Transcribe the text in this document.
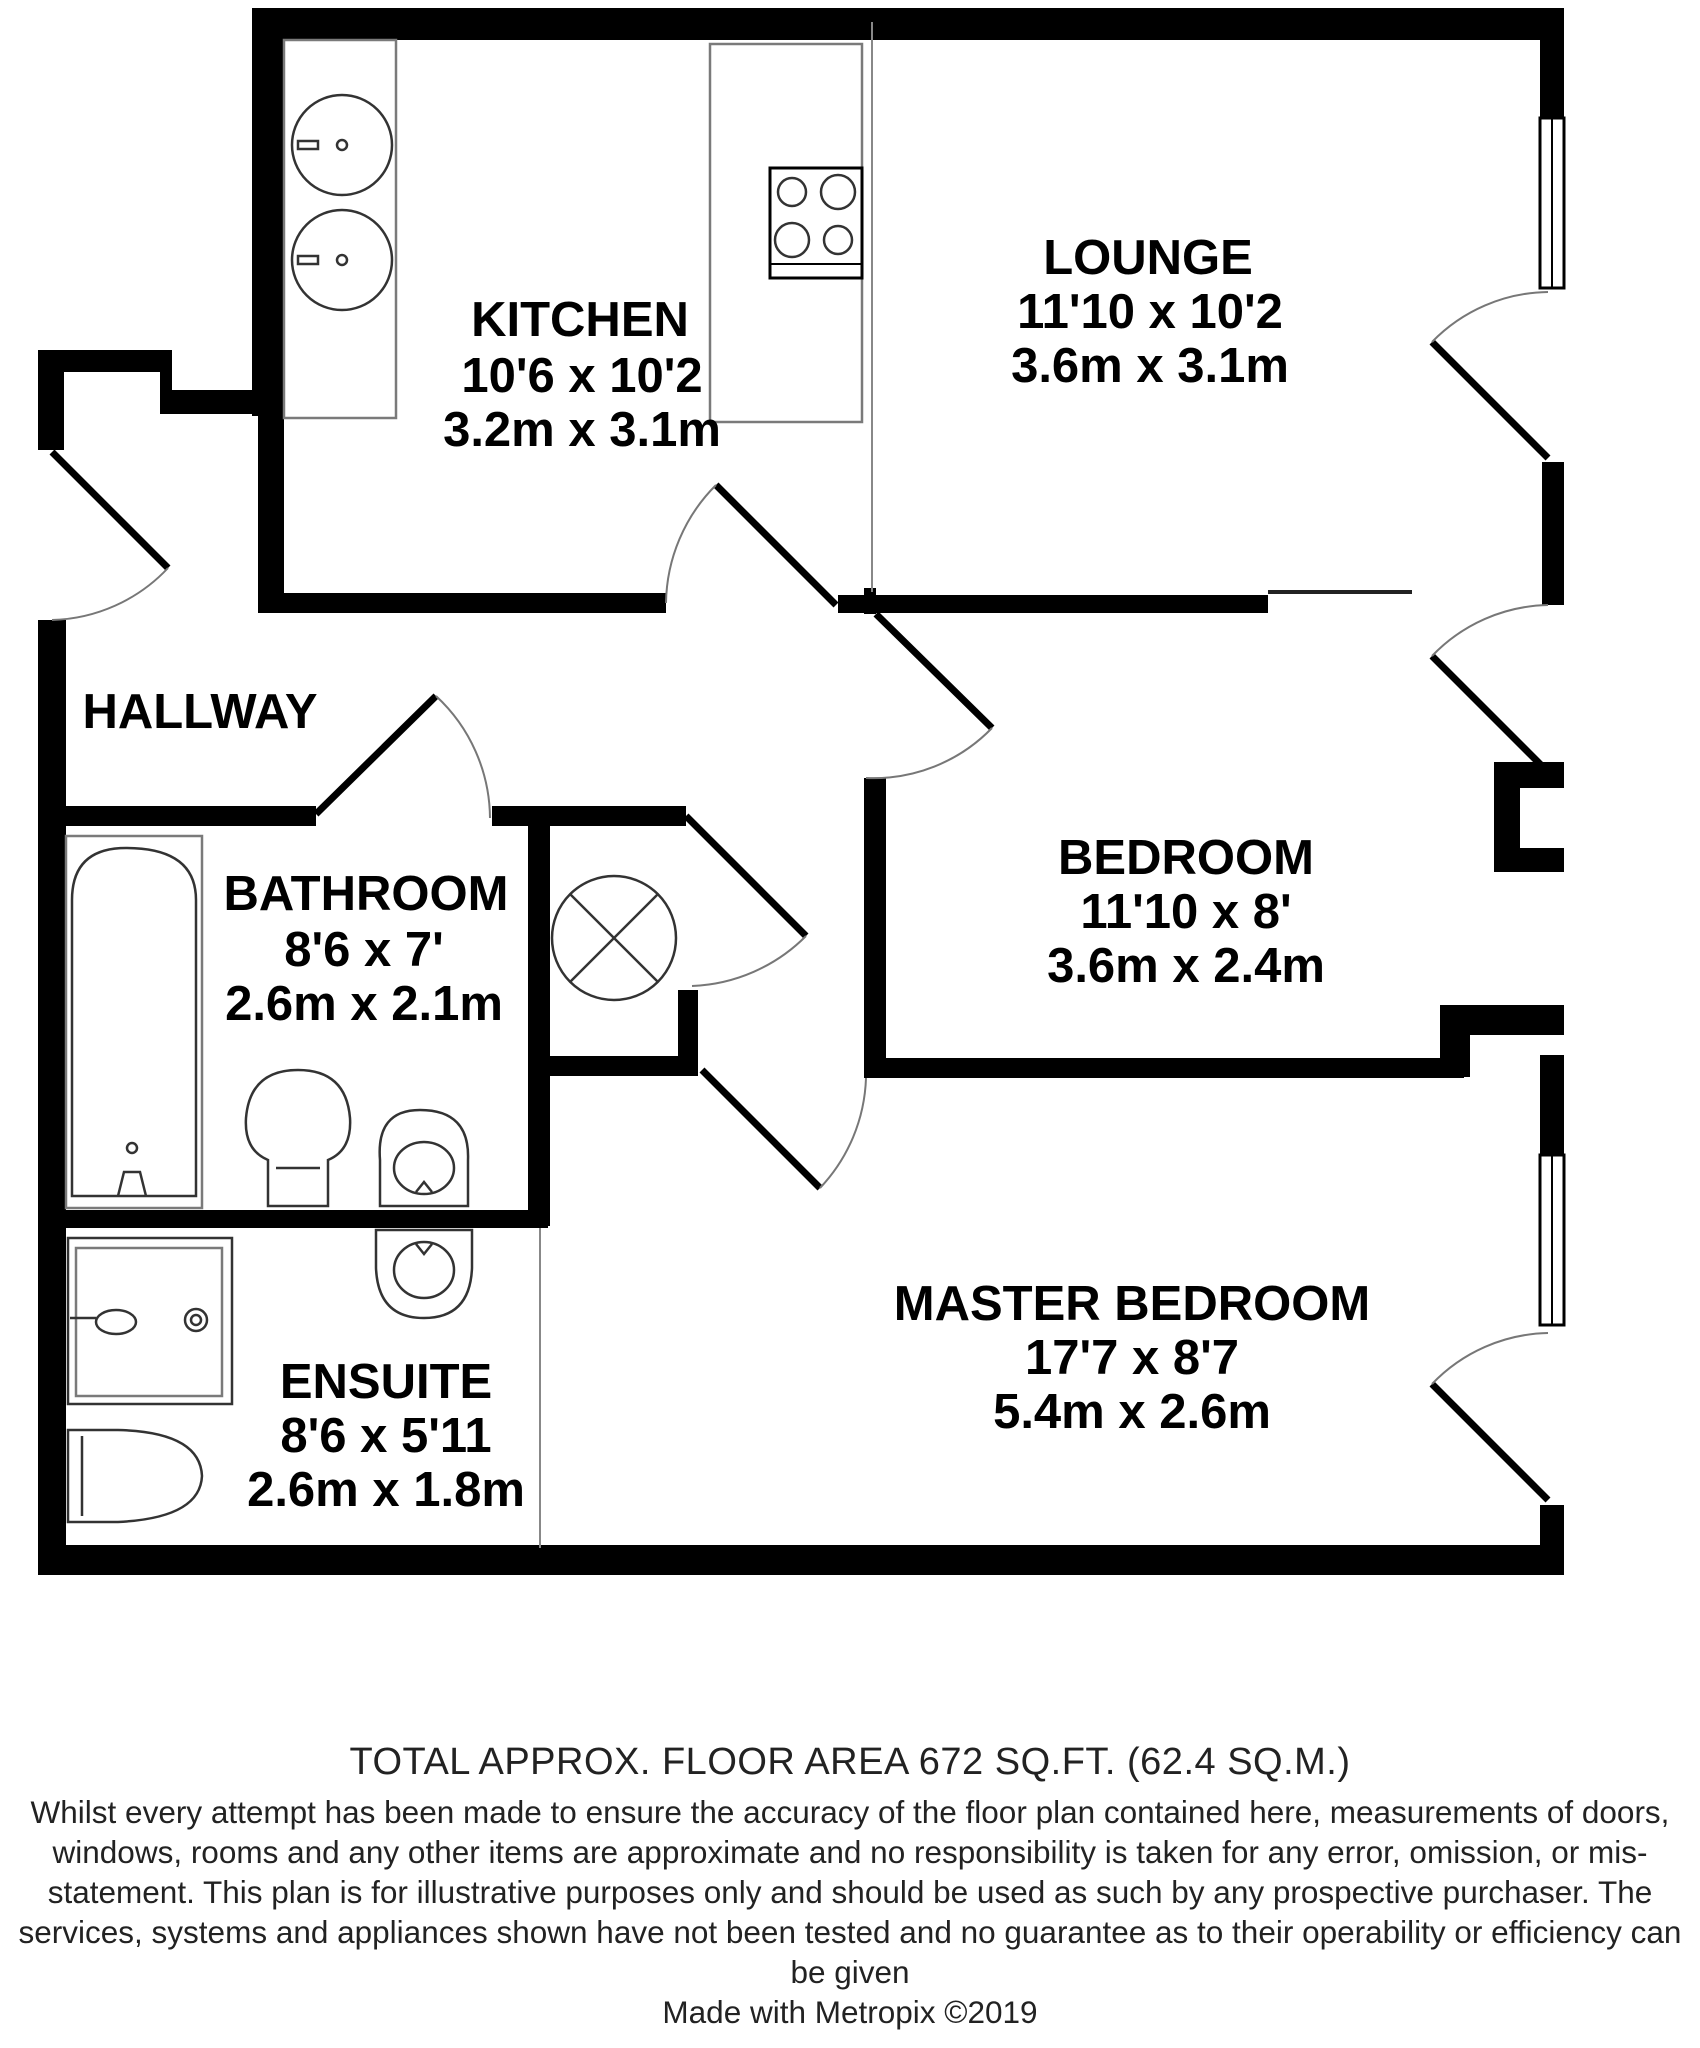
KITCHEN
10'6 x 10'2
3.2m x 3.1m
LOUNGE
11'10 x 10'2
3.6m x 3.1m
HALLWAY
BATHROOM
8'6 x 7'
2.6m x 2.1m
BEDROOM
11'10 x 8'
3.6m x 2.4m
MASTER BEDROOM
17'7 x 8'7
5.4m x 2.6m
ENSUITE
8'6 x 5'11
2.6m x 1.8m

TOTAL APPROX. FLOOR AREA 672 SQ.FT. (62.4 SQ.M.)

Whilst every attempt has been made to ensure the accuracy of the floor plan contained here, measurements of doors, windows, rooms and any other items are approximate and no responsibility is taken for any error, omission, or mis-statement. This plan is for illustrative purposes only and should be used as such by any prospective purchaser. The services, systems and appliances shown have not been tested and no guarantee as to their operability or efficiency can be given

Made with Metropix ©2019
